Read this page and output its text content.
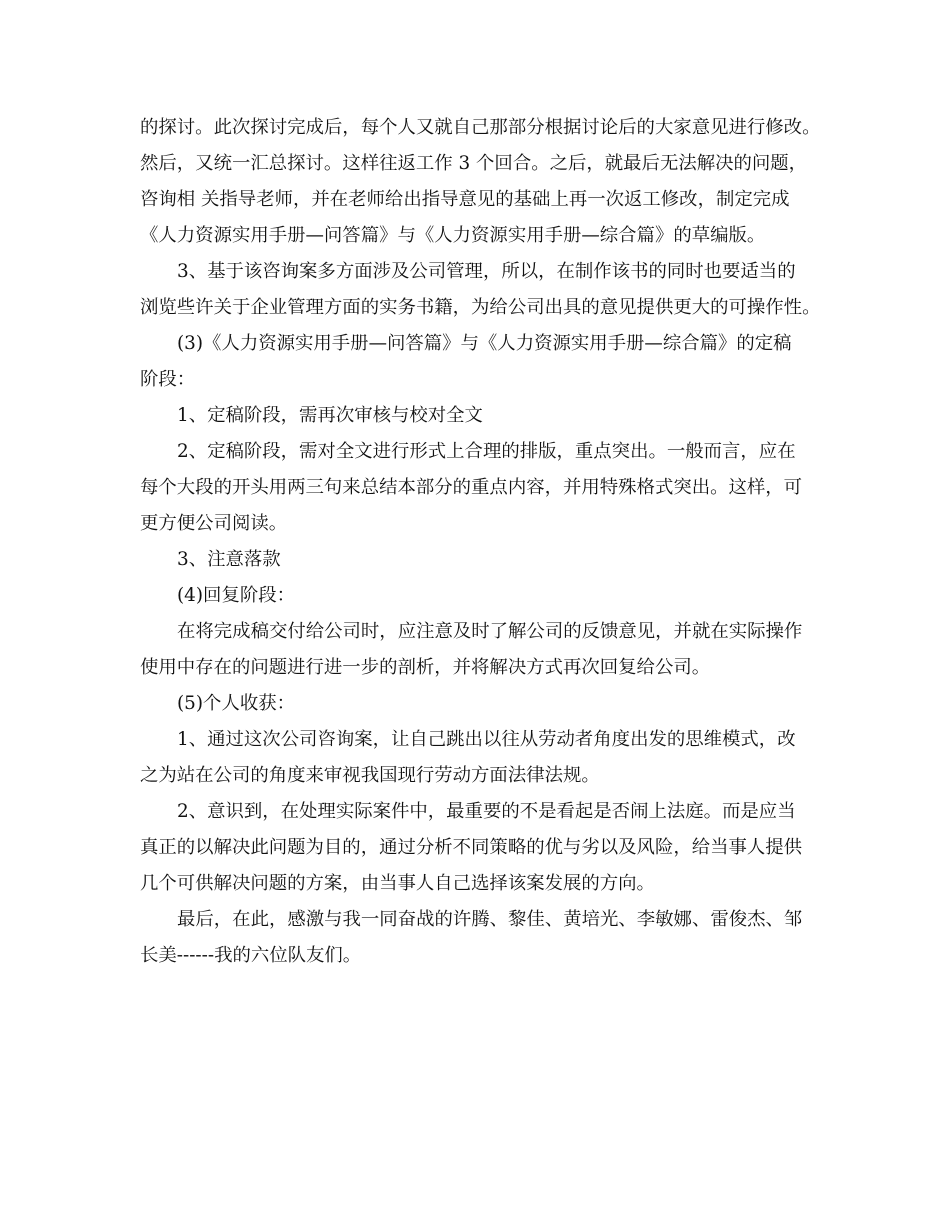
的探讨。此次探讨完成后，每个人又就自己那部分根据讨论后的大家意见进行修改。
然后，又统一汇总探讨。这样往返工作 3 个回合。之后，就最后无法解决的问题，
咨询相 关指导老师，并在老师给出指导意见的基础上再一次返工修改，制定完成
《人力资源实用手册—问答篇》与《人力资源实用手册—综合篇》的草编版。
3、基于该咨询案多方面涉及公司管理，所以，在制作该书的同时也要适当的
浏览些许关于企业管理方面的实务书籍，为给公司出具的意见提供更大的可操作性。
(3)《人力资源实用手册—问答篇》与《人力资源实用手册—综合篇》的定稿
阶段：
1、定稿阶段，需再次审核与校对全文
2、定稿阶段，需对全文进行形式上合理的排版，重点突出。一般而言，应在
每个大段的开头用两三句来总结本部分的重点内容，并用特殊格式突出。这样，可
更方便公司阅读。
3、注意落款
(4)回复阶段：
在将完成稿交付给公司时，应注意及时了解公司的反馈意见，并就在实际操作
使用中存在的问题进行进一步的剖析，并将解决方式再次回复给公司。
(5)个人收获：
1、通过这次公司咨询案，让自己跳出以往从劳动者角度出发的思维模式，改
之为站在公司的角度来审视我国现行劳动方面法律法规。
2、意识到，在处理实际案件中，最重要的不是看起是否闹上法庭。而是应当
真正的以解决此问题为目的，通过分析不同策略的优与劣以及风险，给当事人提供
几个可供解决问题的方案，由当事人自己选择该案发展的方向。
最后，在此，感激与我一同奋战的许腾、黎佳、黄培光、李敏娜、雷俊杰、邹
长美------我的六位队友们。
